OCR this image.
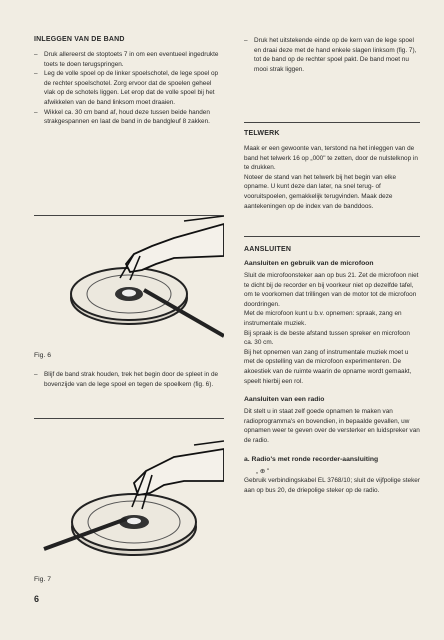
INLEGGEN VAN DE BAND
– Druk allereerst de stoptoets 7 in om een eventueel ingedrukte toets te doen terugspringen.
– Leg de volle spoel op de linker spoelschotel, de lege spoel op de rechter spoelschotel. Zorg ervoor dat de spoelen geheel vlak op de schotels liggen. Let erop dat de volle spoel bij het afwikkelen van de band linksom moet draaien.
– Wikkel ca. 30 cm band af, houd deze tussen beide handen strakgespannen en laat de band in de bandgleuf 8 zakken.
Fig. 6
– Blijf de band strak houden, trek het begin door de spleet in de bovenzijde van de lege spoel en tegen de spoelkern (fig. 6).
Fig. 7
6
– Druk het uitstekende einde op de kern van de lege spoel en draai deze met de hand enkele slagen linksom (fig. 7), tot de band op de rechter spoel pakt. De band moet nu mooi strak liggen.
TELWERK

Maak er een gewoonte van, terstond na het inleggen van de band het telwerk 16 op „000" te zetten, door de nulstelknop in te drukken.

Noteer de stand van het telwerk bij het begin van elke opname. U kunt deze dan later, na snel terug- of vooruitspoelen, gemakkelijk terugvinden. Maak deze aantekeningen op de index van de banddoos.

AANSLUITEN
Aansluiten en gebruik van de microfoon

Sluit de microfoonsteker aan op bus 21. Zet de microfoon niet te dicht bij de recorder en bij voorkeur niet op dezelfde tafel, om te voorkomen dat trillingen van de motor tot de microfoon doordringen.

Met de microfoon kunt u b.v. opnemen: spraak, zang en instrumentale muziek.

Bij spraak is de beste afstand tussen spreker en microfoon ca. 30 cm.

Bij het opnemen van zang of instrumentale muziek moet u met de opstelling van de microfoon experimenteren. De akoestiek van de ruimte waarin de opname wordt gemaakt, speelt hierbij een rol.

Aansluiten van een radio

Dit stelt u in staat zelf goede opnamen te maken van radioprogramma's en bovendien, in bepaalde gevallen, uw opnamen weer te geven over de versterker en luidspreker van de radio.

a. Radio's met ronde recorder-aansluiting
„ ⊕ "

Gebruik verbindingskabel EL 3768/10; sluit de vijfpolige steker aan op bus 20, de driepolige steker op de radio.
